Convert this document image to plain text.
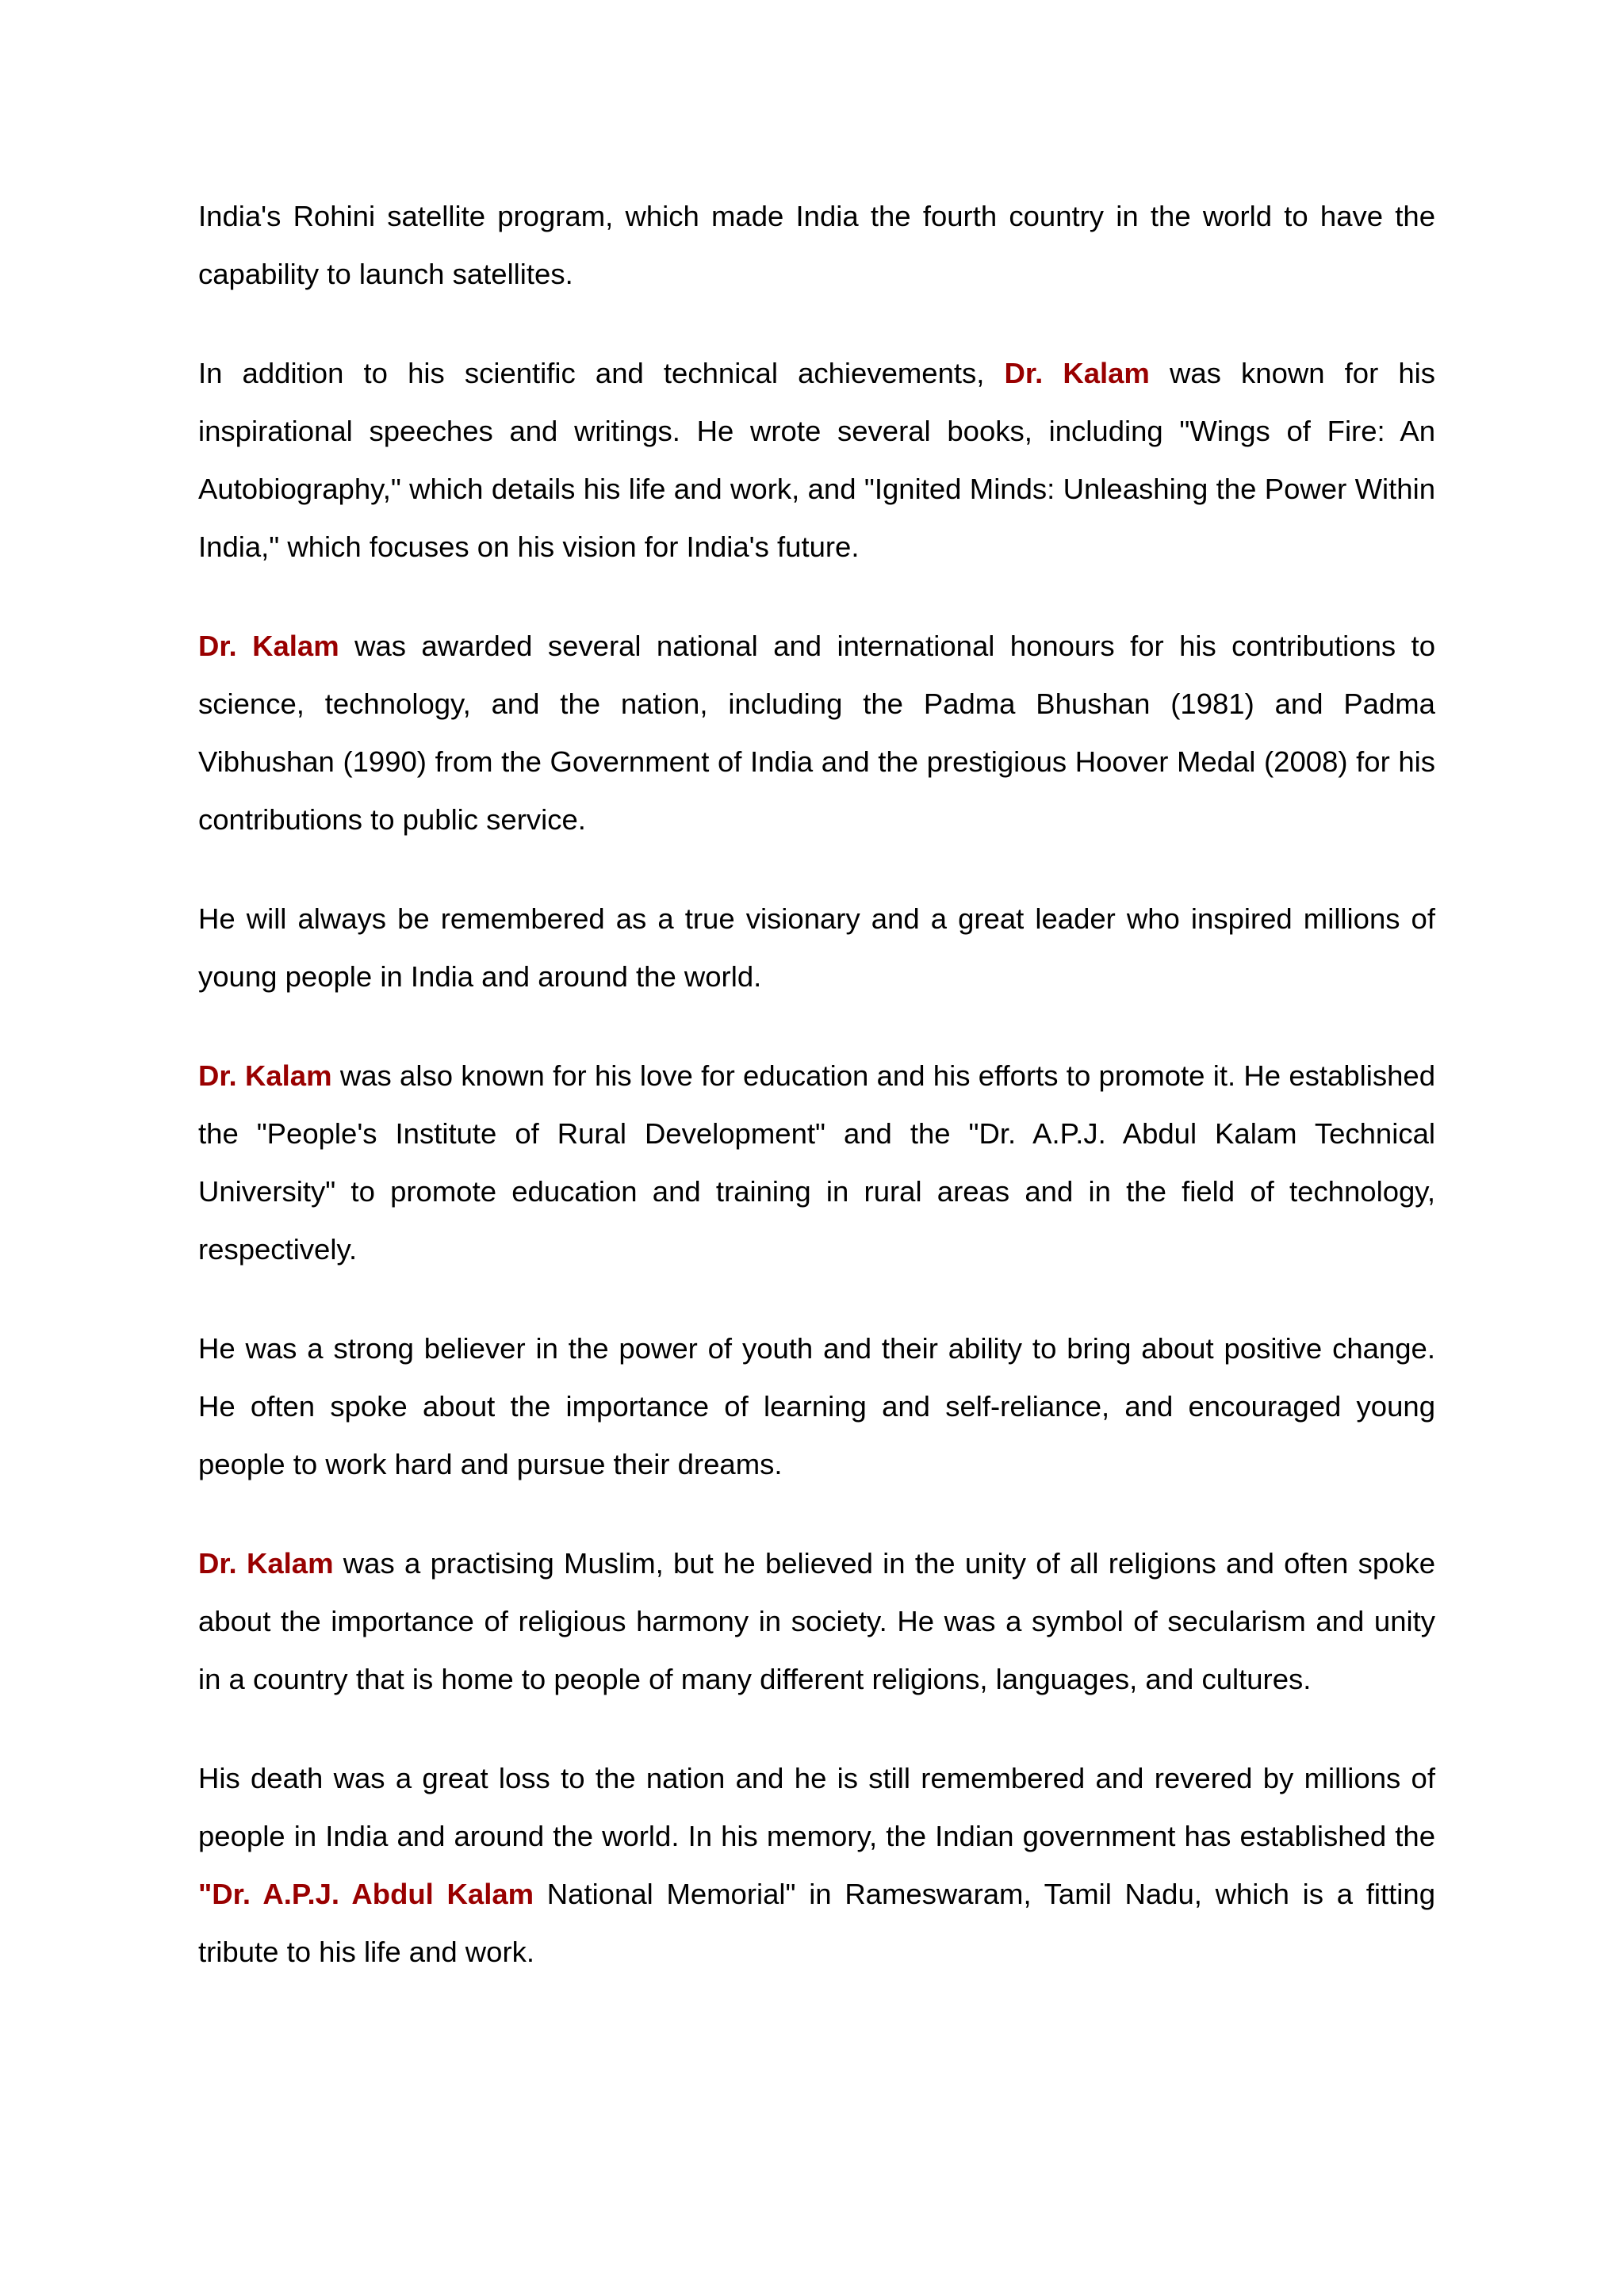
India's Rohini satellite program, which made India the fourth country in the world to have the capability to launch satellites.

In addition to his scientific and technical achievements, Dr. Kalam was known for his inspirational speeches and writings. He wrote several books, including "Wings of Fire: An Autobiography," which details his life and work, and "Ignited Minds: Unleashing the Power Within India," which focuses on his vision for India's future.

Dr. Kalam was awarded several national and international honours for his contributions to science, technology, and the nation, including the Padma Bhushan (1981) and Padma Vibhushan (1990) from the Government of India and the prestigious Hoover Medal (2008) for his contributions to public service.

He will always be remembered as a true visionary and a great leader who inspired millions of young people in India and around the world.

Dr. Kalam was also known for his love for education and his efforts to promote it. He established the "People's Institute of Rural Development" and the "Dr. A.P.J. Abdul Kalam Technical University" to promote education and training in rural areas and in the field of technology, respectively.

He was a strong believer in the power of youth and their ability to bring about positive change. He often spoke about the importance of learning and self-reliance, and encouraged young people to work hard and pursue their dreams.

Dr. Kalam was a practising Muslim, but he believed in the unity of all religions and often spoke about the importance of religious harmony in society. He was a symbol of secularism and unity in a country that is home to people of many different religions, languages, and cultures.

His death was a great loss to the nation and he is still remembered and revered by millions of people in India and around the world. In his memory, the Indian government has established the "Dr. A.P.J. Abdul Kalam National Memorial" in Rameswaram, Tamil Nadu, which is a fitting tribute to his life and work.
